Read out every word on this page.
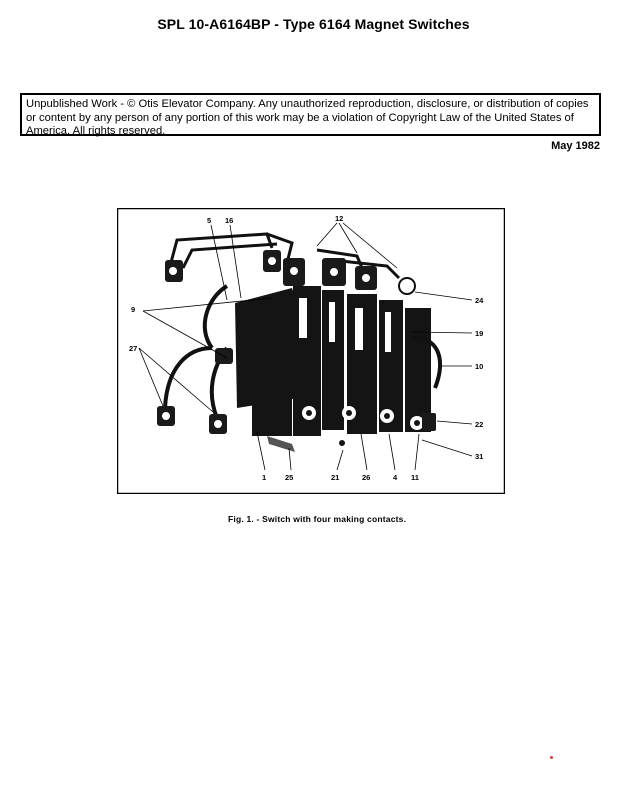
SPL 10-A6164BP - Type 6164 Magnet Switches
Unpublished Work - © Otis Elevator Company. Any unauthorized reproduction, disclosure, or distribution of copies or content by any person of any portion of this work may be a violation of Copyright Law of the United States of America. All rights reserved.
May 1982
5 16	12
9
27
24
19
10
22
31
1	25	21	26	4 11
Fig. 1. - Switch with four making contacts.
